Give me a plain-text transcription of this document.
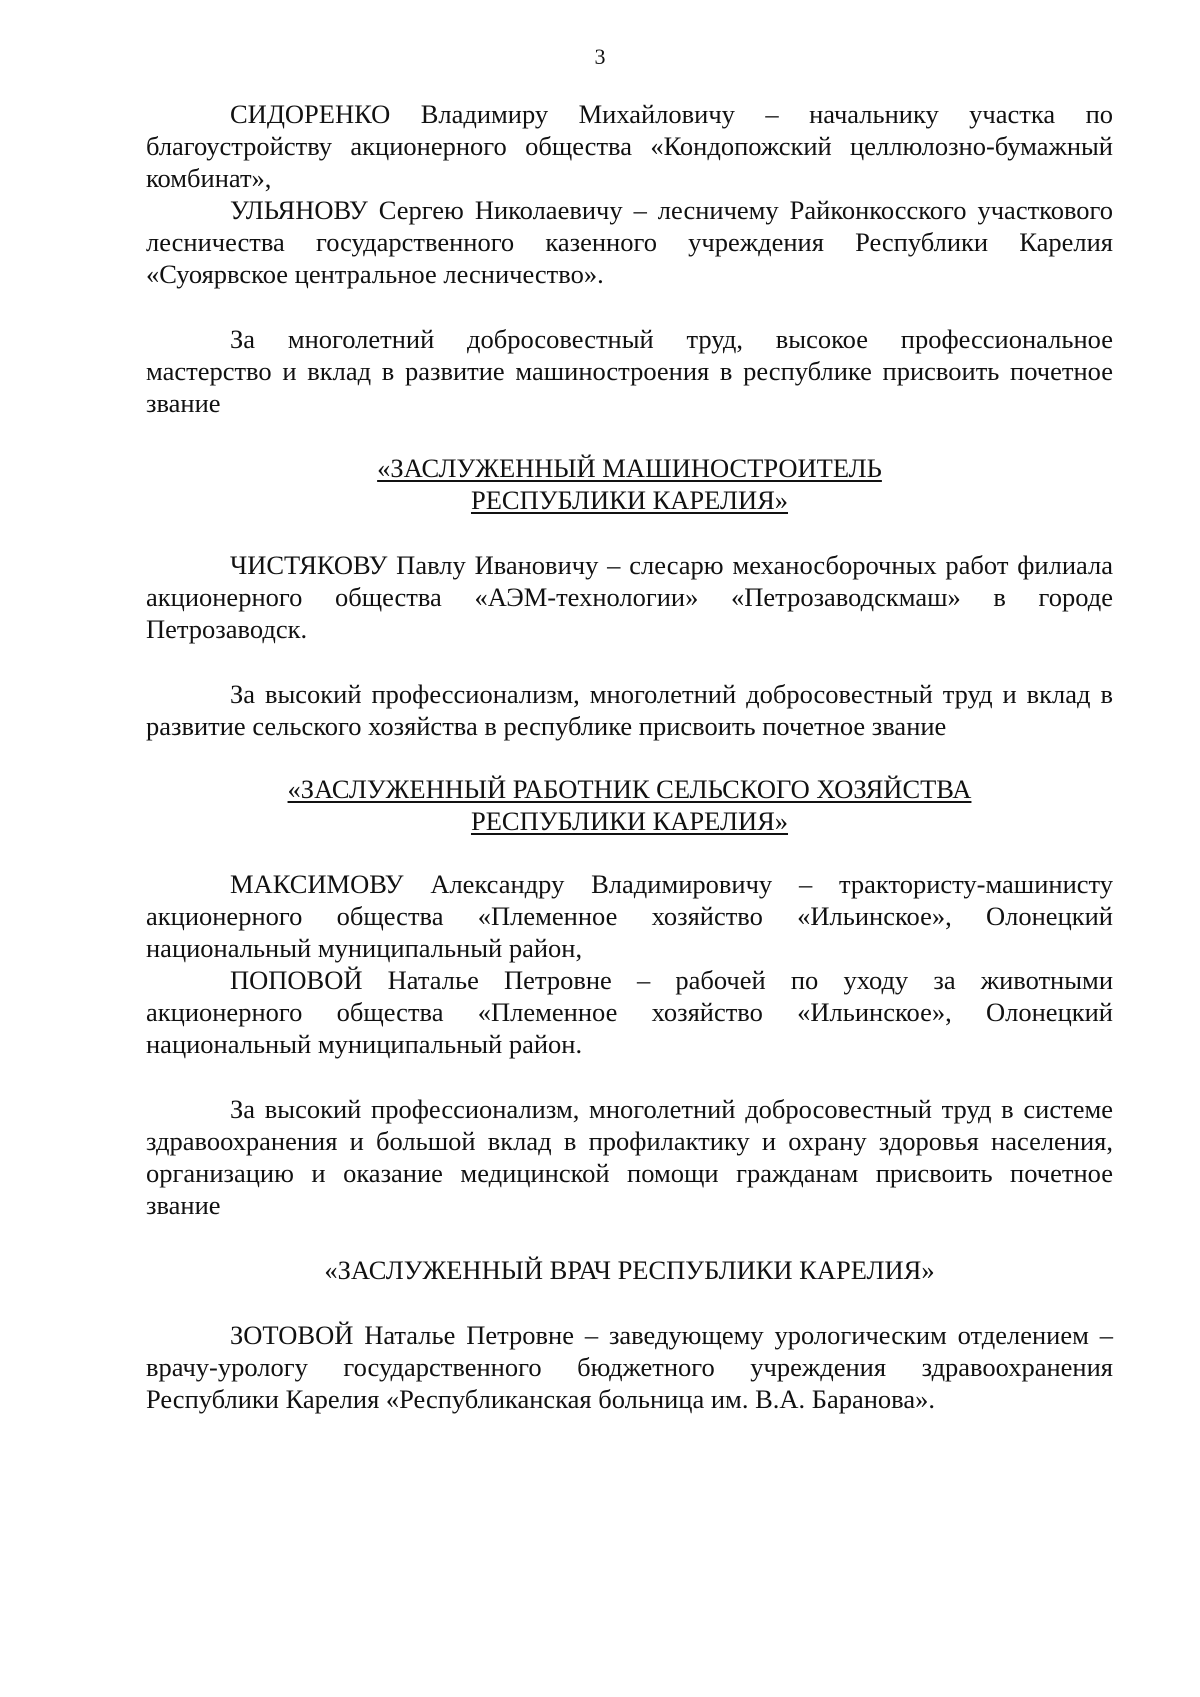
3

СИДОРЕНКО Владимиру Михайловичу – начальнику участка по благоустройству акционерного общества «Кондопожский целлюлозно-бумажный комбинат»,

УЛЬЯНОВУ Сергею Николаевичу – лесничему Райконкосского участкового лесничества государственного казенного учреждения Республики Карелия «Суоярвское центральное лесничество».

За многолетний добросовестный труд, высокое профессиональное мастерство и вклад в развитие машиностроения в республике присвоить почетное звание

«ЗАСЛУЖЕННЫЙ МАШИНОСТРОИТЕЛЬ
РЕСПУБЛИКИ КАРЕЛИЯ»

ЧИСТЯКОВУ Павлу Ивановичу – слесарю механосборочных работ филиала акционерного общества «АЭМ-технологии» «Петрозаводскмаш» в городе Петрозаводск.

За высокий профессионализм, многолетний добросовестный труд и вклад в развитие сельского хозяйства в республике присвоить почетное звание

«ЗАСЛУЖЕННЫЙ РАБОТНИК СЕЛЬСКОГО ХОЗЯЙСТВА
РЕСПУБЛИКИ КАРЕЛИЯ»

МАКСИМОВУ Александру Владимировичу – трактористу-машинисту акционерного общества «Племенное хозяйство «Ильинское», Олонецкий национальный муниципальный район,

ПОПОВОЙ Наталье Петровне – рабочей по уходу за животными акционерного общества «Племенное хозяйство «Ильинское», Олонецкий национальный муниципальный район.

За высокий профессионализм, многолетний добросовестный труд в системе здравоохранения и большой вклад в профилактику и охрану здоровья населения, организацию и оказание медицинской помощи гражданам присвоить почетное звание

«ЗАСЛУЖЕННЫЙ ВРАЧ РЕСПУБЛИКИ КАРЕЛИЯ»

ЗОТОВОЙ Наталье Петровне – заведующему урологическим отделением – врачу-урологу государственного бюджетного учреждения здравоохранения Республики Карелия «Республиканская больница им. В.А. Баранова».
